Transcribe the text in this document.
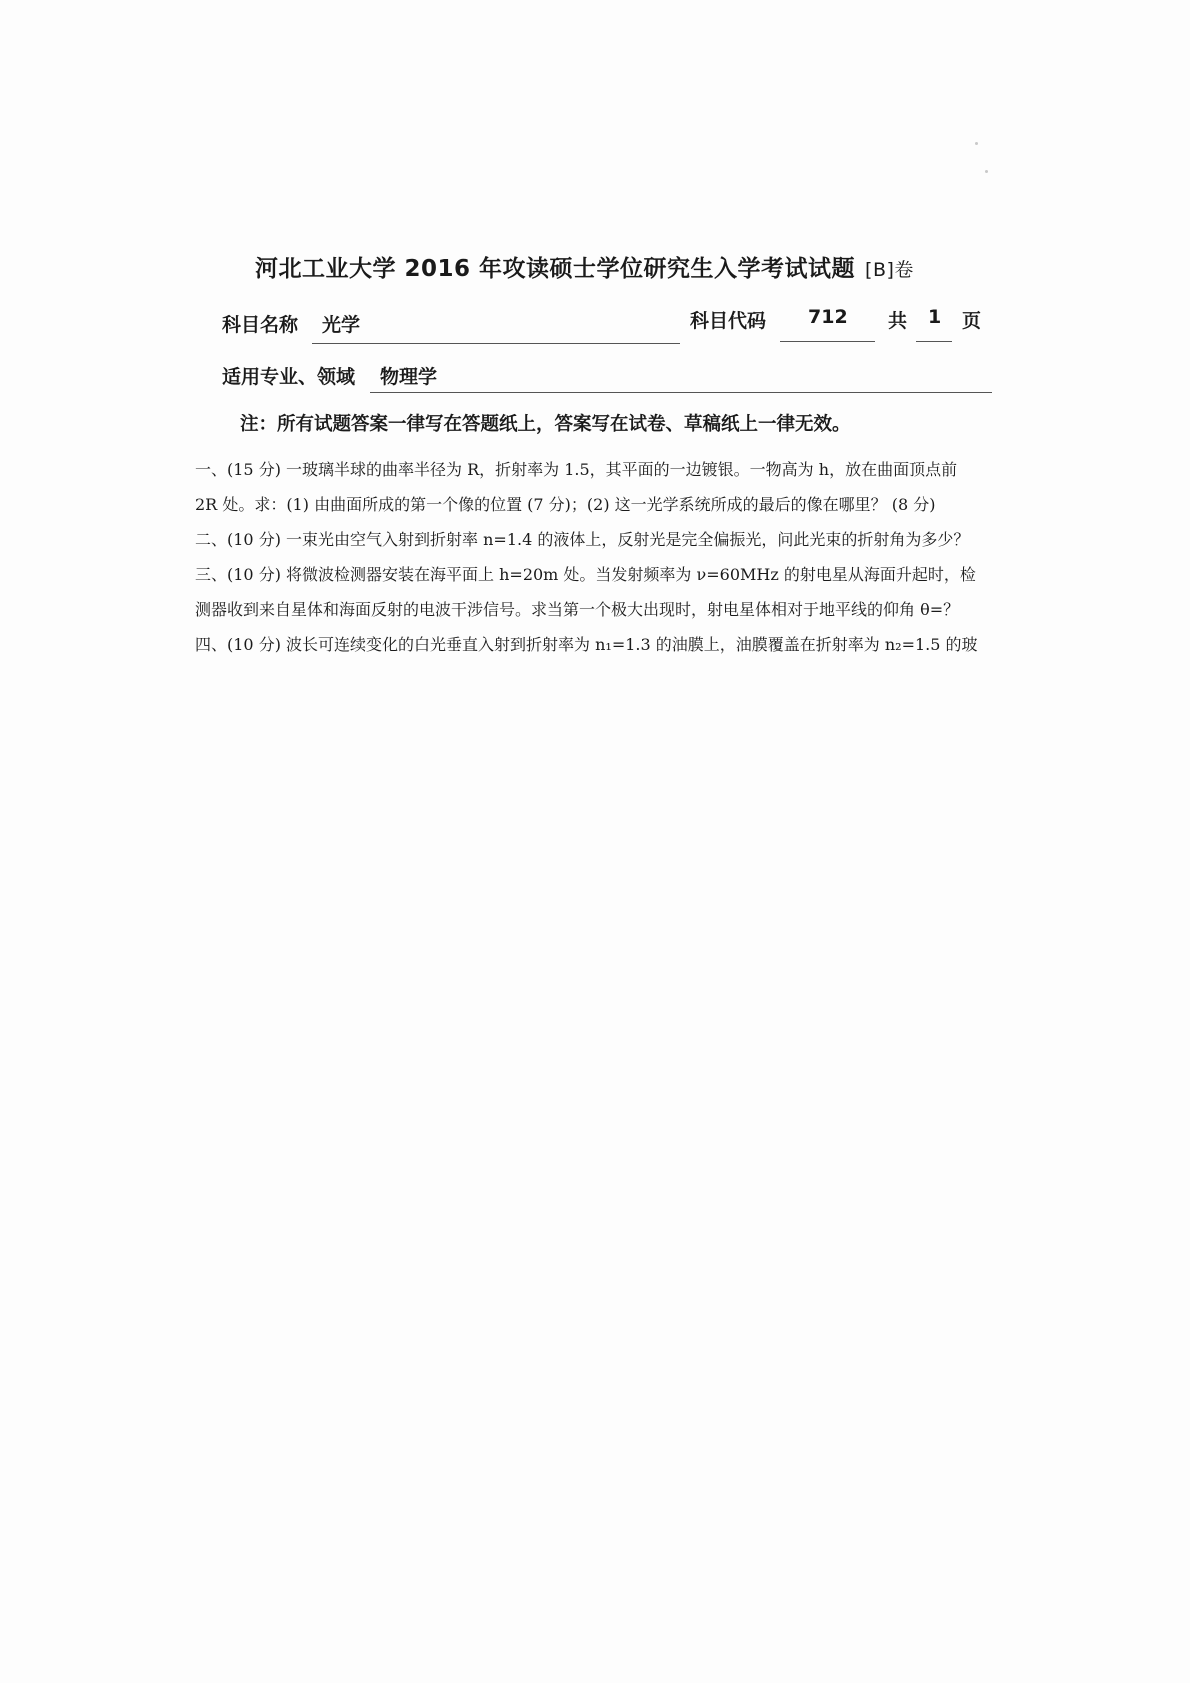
河北工业大学 2016 年攻读硕士学位研究生入学考试试题 [B]卷
科目名称 光学	科目代码 712 共 1 页
适用专业、领域 物理学
注：所有试题答案一律写在答题纸上，答案写在试卷、草稿纸上一律无效。
一、(15 分) 一玻璃半球的曲率半径为 R，折射率为 1.5，其平面的一边镀银。一物高为 h，放在曲面顶点前
2R 处。求：(1) 由曲面所成的第一个像的位置 (7 分)；(2) 这一光学系统所成的最后的像在哪里？ (8 分)
二、(10 分) 一束光由空气入射到折射率 n=1.4 的液体上，反射光是完全偏振光，问此光束的折射角为多少？
三、(10 分) 将微波检测器安装在海平面上 h=20m 处。当发射频率为 ν=60MHz 的射电星从海面升起时，检
测器收到来自星体和海面反射的电波干涉信号。求当第一个极大出现时，射电星体相对于地平线的仰角 θ=？
四、(10 分) 波长可连续变化的白光垂直入射到折射率为 n₁=1.3 的油膜上，油膜覆盖在折射率为 n₂=1.5 的玻
